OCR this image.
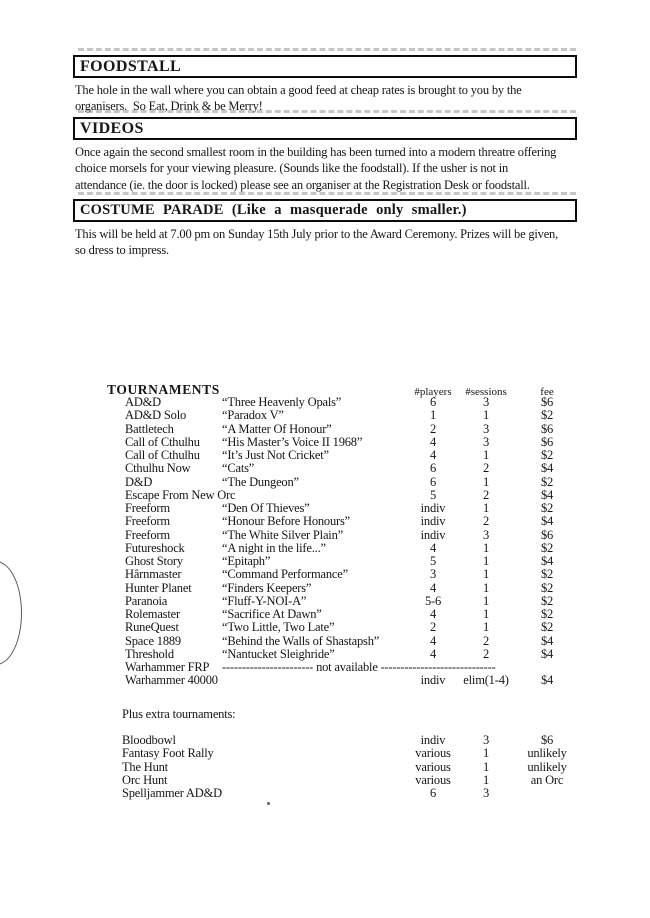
FOODSTALL
The hole in the wall where you can obtain a good feed at cheap rates is brought to you by the
organisers.  So Eat, Drink & be Merry!
VIDEOS
Once again the second smallest room in the building has been turned into a modern threatre offering
choice morsels for your viewing pleasure. (Sounds like the foodstall). If the usher is not in
attendance (ie. the door is locked) please see an organiser at the Registration Desk or foodstall.
COSTUME PARADE (Like a masquerade only smaller.)
This will be held at 7.00 pm on Sunday 15th July prior to the Award Ceremony. Prizes will be given,
so dress to impress.
TOURNAMENTS	#players	#sessions	fee
AD&D	“Three Heavenly Opals”	6	3	$6
AD&D Solo	“Paradox V”	1	1	$2
Battletech	“A Matter Of Honour”	2	3	$6
Call of Cthulhu “His Master’s Voice II 1968”	4	3	$6
Call of Cthulhu “It’s Just Not Cricket”	4	1	$2
Cthulhu Now	“Cats”	6	2	$4
D&D	“The Dungeon”	6	1	$2
Escape From New Orc	5	2	$4
Freeform	“Den Of Thieves”	indiv	1	$2
Freeform	“Honour Before Honours”	indiv	2	$4
Freeform	“The White Silver Plain”	indiv	3	$6
Futureshock	“A night in the life...”	4	1	$2
Ghost Story	“Epitaph”	5	1	$4
Hârnmaster	“Command Performance”	3	1	$2
Hunter Planet “Finders Keepers”	4	1	$2
Paranoia	“Fluff-Y-NOI-A”	5-6	1	$2
Rolemaster	“Sacrifice At Dawn”	4	1	$2
RuneQuest	“Two Little, Two Late”	2	1	$2
Space 1889	“Behind the Walls of Shastapsh”	4	2	$4
Threshold	“Nantucket Sleighride”	4	2	$4
Warhammer FRP ----------------------- not available -----------------------------
Warhammer 40000	indiv	elim(1-4)	$4
Plus extra tournaments:
Bloodbowl	indiv	3	$6
Fantasy Foot Rally	various	1	unlikely
The Hunt	various	1	unlikely
Orc Hunt	various	1	an Orc
Spelljammer AD&D	6	3
